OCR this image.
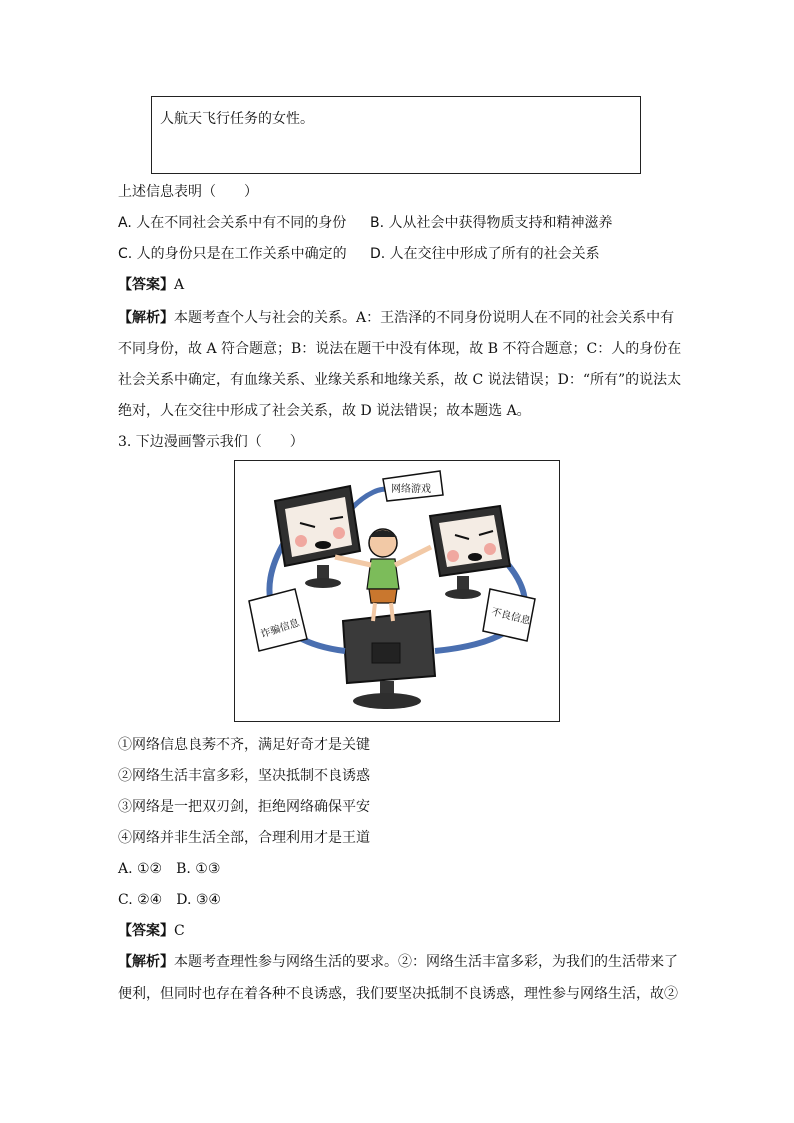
人航天飞行任务的女性。
上述信息表明（　　）
A. 人在不同社会关系中有不同的身份 B. 人从社会中获得物质支持和精神滋养
C. 人的身份只是在工作关系中确定的 D. 人在交往中形成了所有的社会关系
【答案】A
【解析】本题考查个人与社会的关系。A：王浩泽的不同身份说明人在不同的社会关系中有
不同身份，故 A 符合题意；B：说法在题干中没有体现，故 B 不符合题意；C：人的身份在
社会关系中确定，有血缘关系、业缘关系和地缘关系，故 C 说法错误；D：“所有”的说法太
绝对，人在交往中形成了社会关系，故 D 说法错误；故本题选 A。
3. 下边漫画警示我们（　　）
网络游戏
诈骗信息
不良信息
①网络信息良莠不齐，满足好奇才是关键
②网络生活丰富多彩，坚决抵制不良诱惑
③网络是一把双刃剑，拒绝网络确保平安
④网络并非生活全部，合理利用才是王道
A. ①②　B. ①③
C. ②④　D. ③④
【答案】C
【解析】本题考查理性参与网络生活的要求。②：网络生活丰富多彩，为我们的生活带来了
便利，但同时也存在着各种不良诱惑，我们要坚决抵制不良诱惑，理性参与网络生活，故②
